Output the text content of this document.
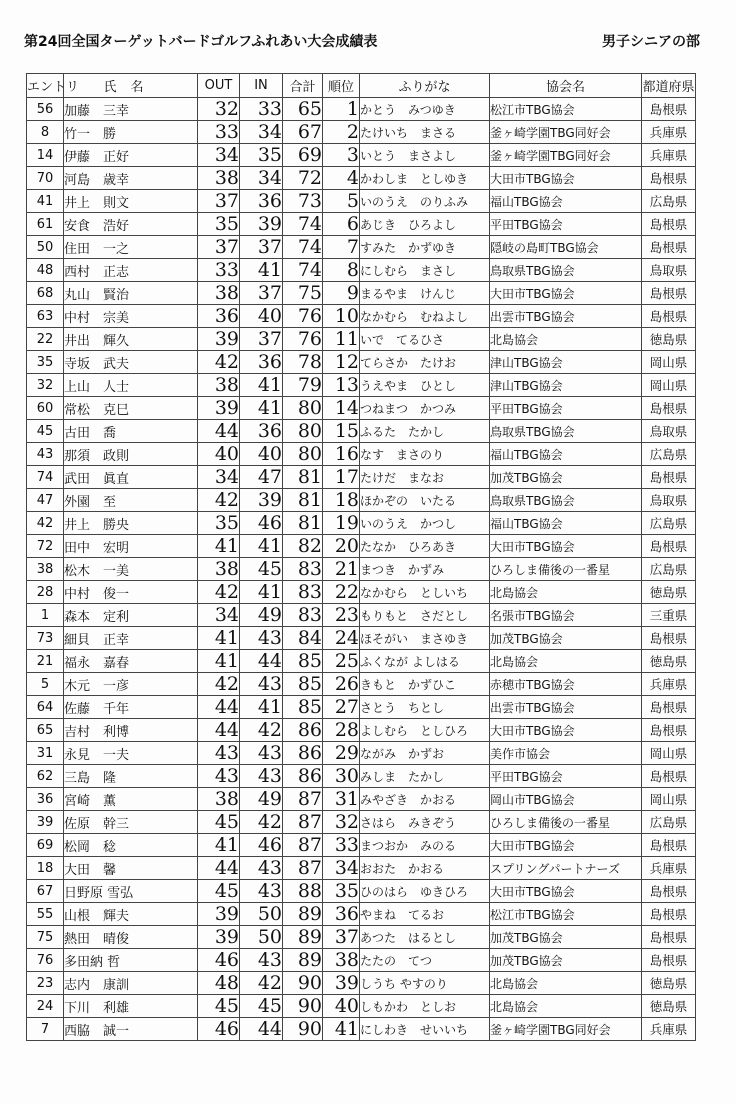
第24回全国ターゲットバードゴルフふれあい大会成績表	男子シニアの部
エントリ	氏名	OUT	IN	合計	順位	ふりがな	協会名	都道府県
56	加藤　三幸	32	33	65	1	かとう　みつゆき	松江市TBG協会	島根県
8	竹一　勝	33	34	67	2	たけいち　まさる	釜ヶ崎学園TBG同好会	兵庫県
14	伊藤　正好	34	35	69	3	いとう　まさよし	釜ヶ崎学園TBG同好会	兵庫県
70	河島　歳幸	38	34	72	4	かわしま　としゆき	大田市TBG協会	島根県
41	井上　則文	37	36	73	5	いのうえ　のりふみ	福山TBG協会	広島県
61	安食　浩好	35	39	74	6	あじき　ひろよし	平田TBG協会	島根県
50	住田　一之	37	37	74	7	すみた　かずゆき	隠岐の島町TBG協会	島根県
48	西村　正志	33	41	74	8	にしむら　まさし	鳥取県TBG協会	鳥取県
68	丸山　賢治	38	37	75	9	まるやま　けんじ	大田市TBG協会	島根県
63	中村　宗美	36	40	76	10	なかむら　むねよし	出雲市TBG協会	島根県
22	井出　輝久	39	37	76	11	いで　てるひさ	北島協会	徳島県
35	寺坂　武夫	42	36	78	12	てらさか　たけお	津山TBG協会	岡山県
32	上山　人士	38	41	79	13	うえやま　ひとし	津山TBG協会	岡山県
60	常松　克巳	39	41	80	14	つねまつ　かつみ	平田TBG協会	島根県
45	古田　喬	44	36	80	15	ふるた　たかし	鳥取県TBG協会	鳥取県
43	那須　政則	40	40	80	16	なす　まさのり	福山TBG協会	広島県
74	武田　眞直	34	47	81	17	たけだ　まなお	加茂TBG協会	島根県
47	外園　至	42	39	81	18	ほかぞの　いたる	鳥取県TBG協会	鳥取県
42	井上　勝央	35	46	81	19	いのうえ　かつし	福山TBG協会	広島県
72	田中　宏明	41	41	82	20	たなか　ひろあき	大田市TBG協会	島根県
38	松木　一美	38	45	83	21	まつき　かずみ	ひろしま備後の一番星	広島県
28	中村　俊一	42	41	83	22	なかむら　としいち	北島協会	徳島県
1	森本　定利	34	49	83	23	もりもと　さだとし	名張市TBG協会	三重県
73	細貝　正幸	41	43	84	24	ほそがい　まさゆき	加茂TBG協会	島根県
21	福永　嘉春	41	44	85	25	ふくなが よしはる	北島協会	徳島県
5	木元　一彦	42	43	85	26	きもと　かずひこ	赤穂市TBG協会	兵庫県
64	佐藤　千年	44	41	85	27	さとう　ちとし	出雲市TBG協会	島根県
65	吉村　利博	44	42	86	28	よしむら　としひろ	大田市TBG協会	島根県
31	永見　一夫	43	43	86	29	ながみ　かずお	美作市協会	岡山県
62	三島　隆	43	43	86	30	みしま　たかし	平田TBG協会	島根県
36	宮崎　薫	38	49	87	31	みやざき　かおる	岡山市TBG協会	岡山県
39	佐原　幹三	45	42	87	32	さはら　みきぞう	ひろしま備後の一番星	広島県
69	松岡　稔	41	46	87	33	まつおか　みのる	大田市TBG協会	島根県
18	大田　馨	44	43	87	34	おおた　かおる	スプリングパートナーズ	兵庫県
67	日野原 雪弘	45	43	88	35	ひのはら　ゆきひろ	大田市TBG協会	島根県
55	山根　輝夫	39	50	89	36	やまね　てるお	松江市TBG協会	島根県
75	熱田　晴俊	39	50	89	37	あつた　はるとし	加茂TBG協会	島根県
76	多田納 哲	46	43	89	38	たたの　てつ	加茂TBG協会	島根県
23	志内　康訓	48	42	90	39	しうち やすのり	北島協会	徳島県
24	下川　利雄	45	45	90	40	しもかわ　としお	北島協会	徳島県
7	西脇　誠一	46	44	90	41	にしわき　せいいち	釜ヶ崎学園TBG同好会	兵庫県
